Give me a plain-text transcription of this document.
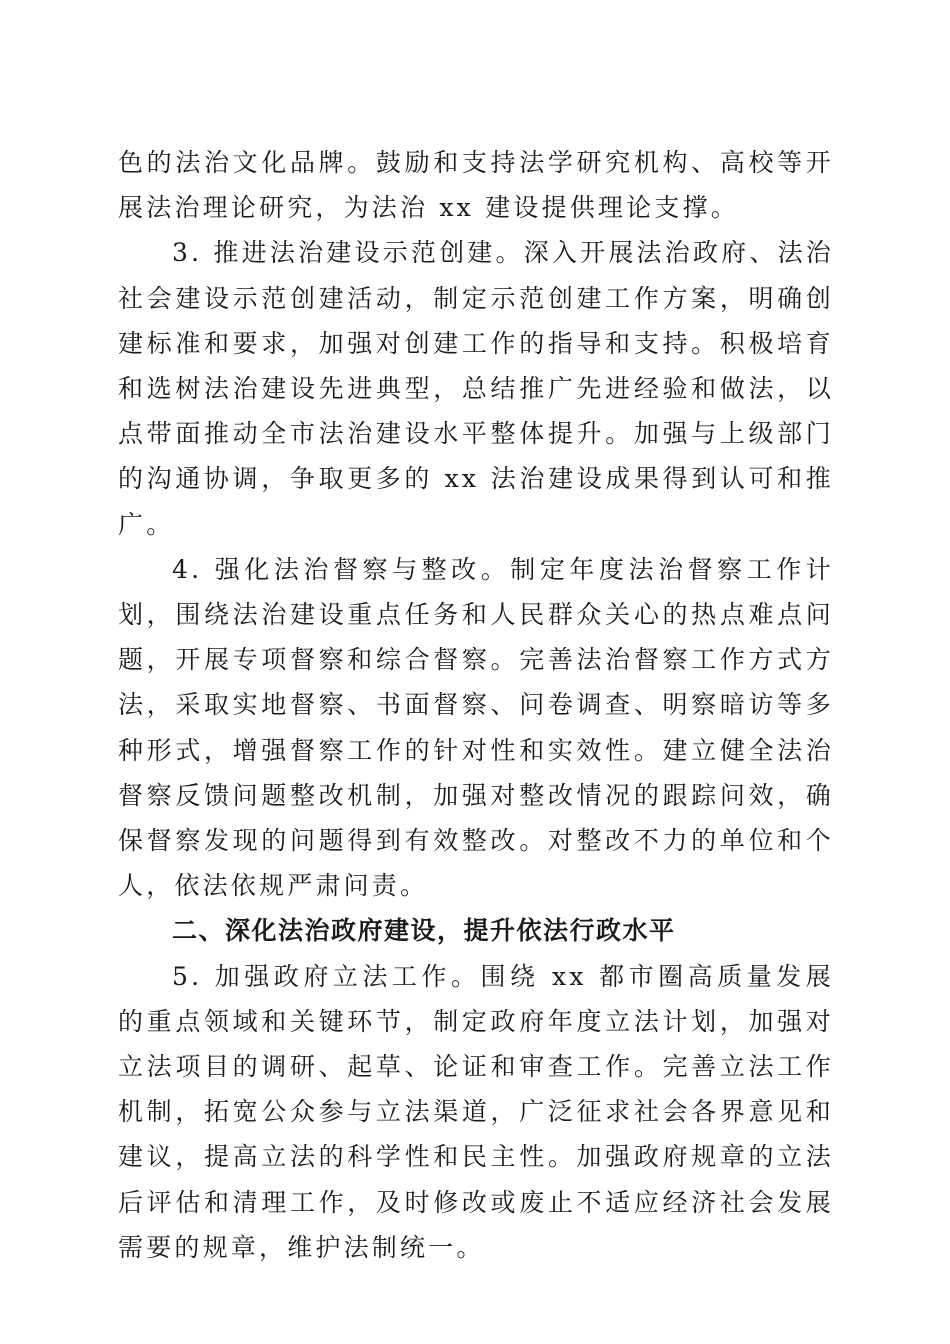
色的法治文化品牌。鼓励和支持法学研究机构、高校等开展法治理论研究，为法治 xx 建设提供理论支撑。

3. 推进法治建设示范创建。深入开展法治政府、法治社会建设示范创建活动，制定示范创建工作方案，明确创建标准和要求，加强对创建工作的指导和支持。积极培育和选树法治建设先进典型，总结推广先进经验和做法，以点带面推动全市法治建设水平整体提升。加强与上级部门的沟通协调，争取更多的 xx 法治建设成果得到认可和推广。

4. 强化法治督察与整改。制定年度法治督察工作计划，围绕法治建设重点任务和人民群众关心的热点难点问题，开展专项督察和综合督察。完善法治督察工作方式方法，采取实地督察、书面督察、问卷调查、明察暗访等多种形式，增强督察工作的针对性和实效性。建立健全法治督察反馈问题整改机制，加强对整改情况的跟踪问效，确保督察发现的问题得到有效整改。对整改不力的单位和个人，依法依规严肃问责。

二、深化法治政府建设，提升依法行政水平

5. 加强政府立法工作。围绕 xx 都市圈高质量发展的重点领域和关键环节，制定政府年度立法计划，加强对立法项目的调研、起草、论证和审查工作。完善立法工作机制，拓宽公众参与立法渠道，广泛征求社会各界意见和建议，提高立法的科学性和民主性。加强政府规章的立法后评估和清理工作，及时修改或废止不适应经济社会发展需要的规章，维护法制统一。
